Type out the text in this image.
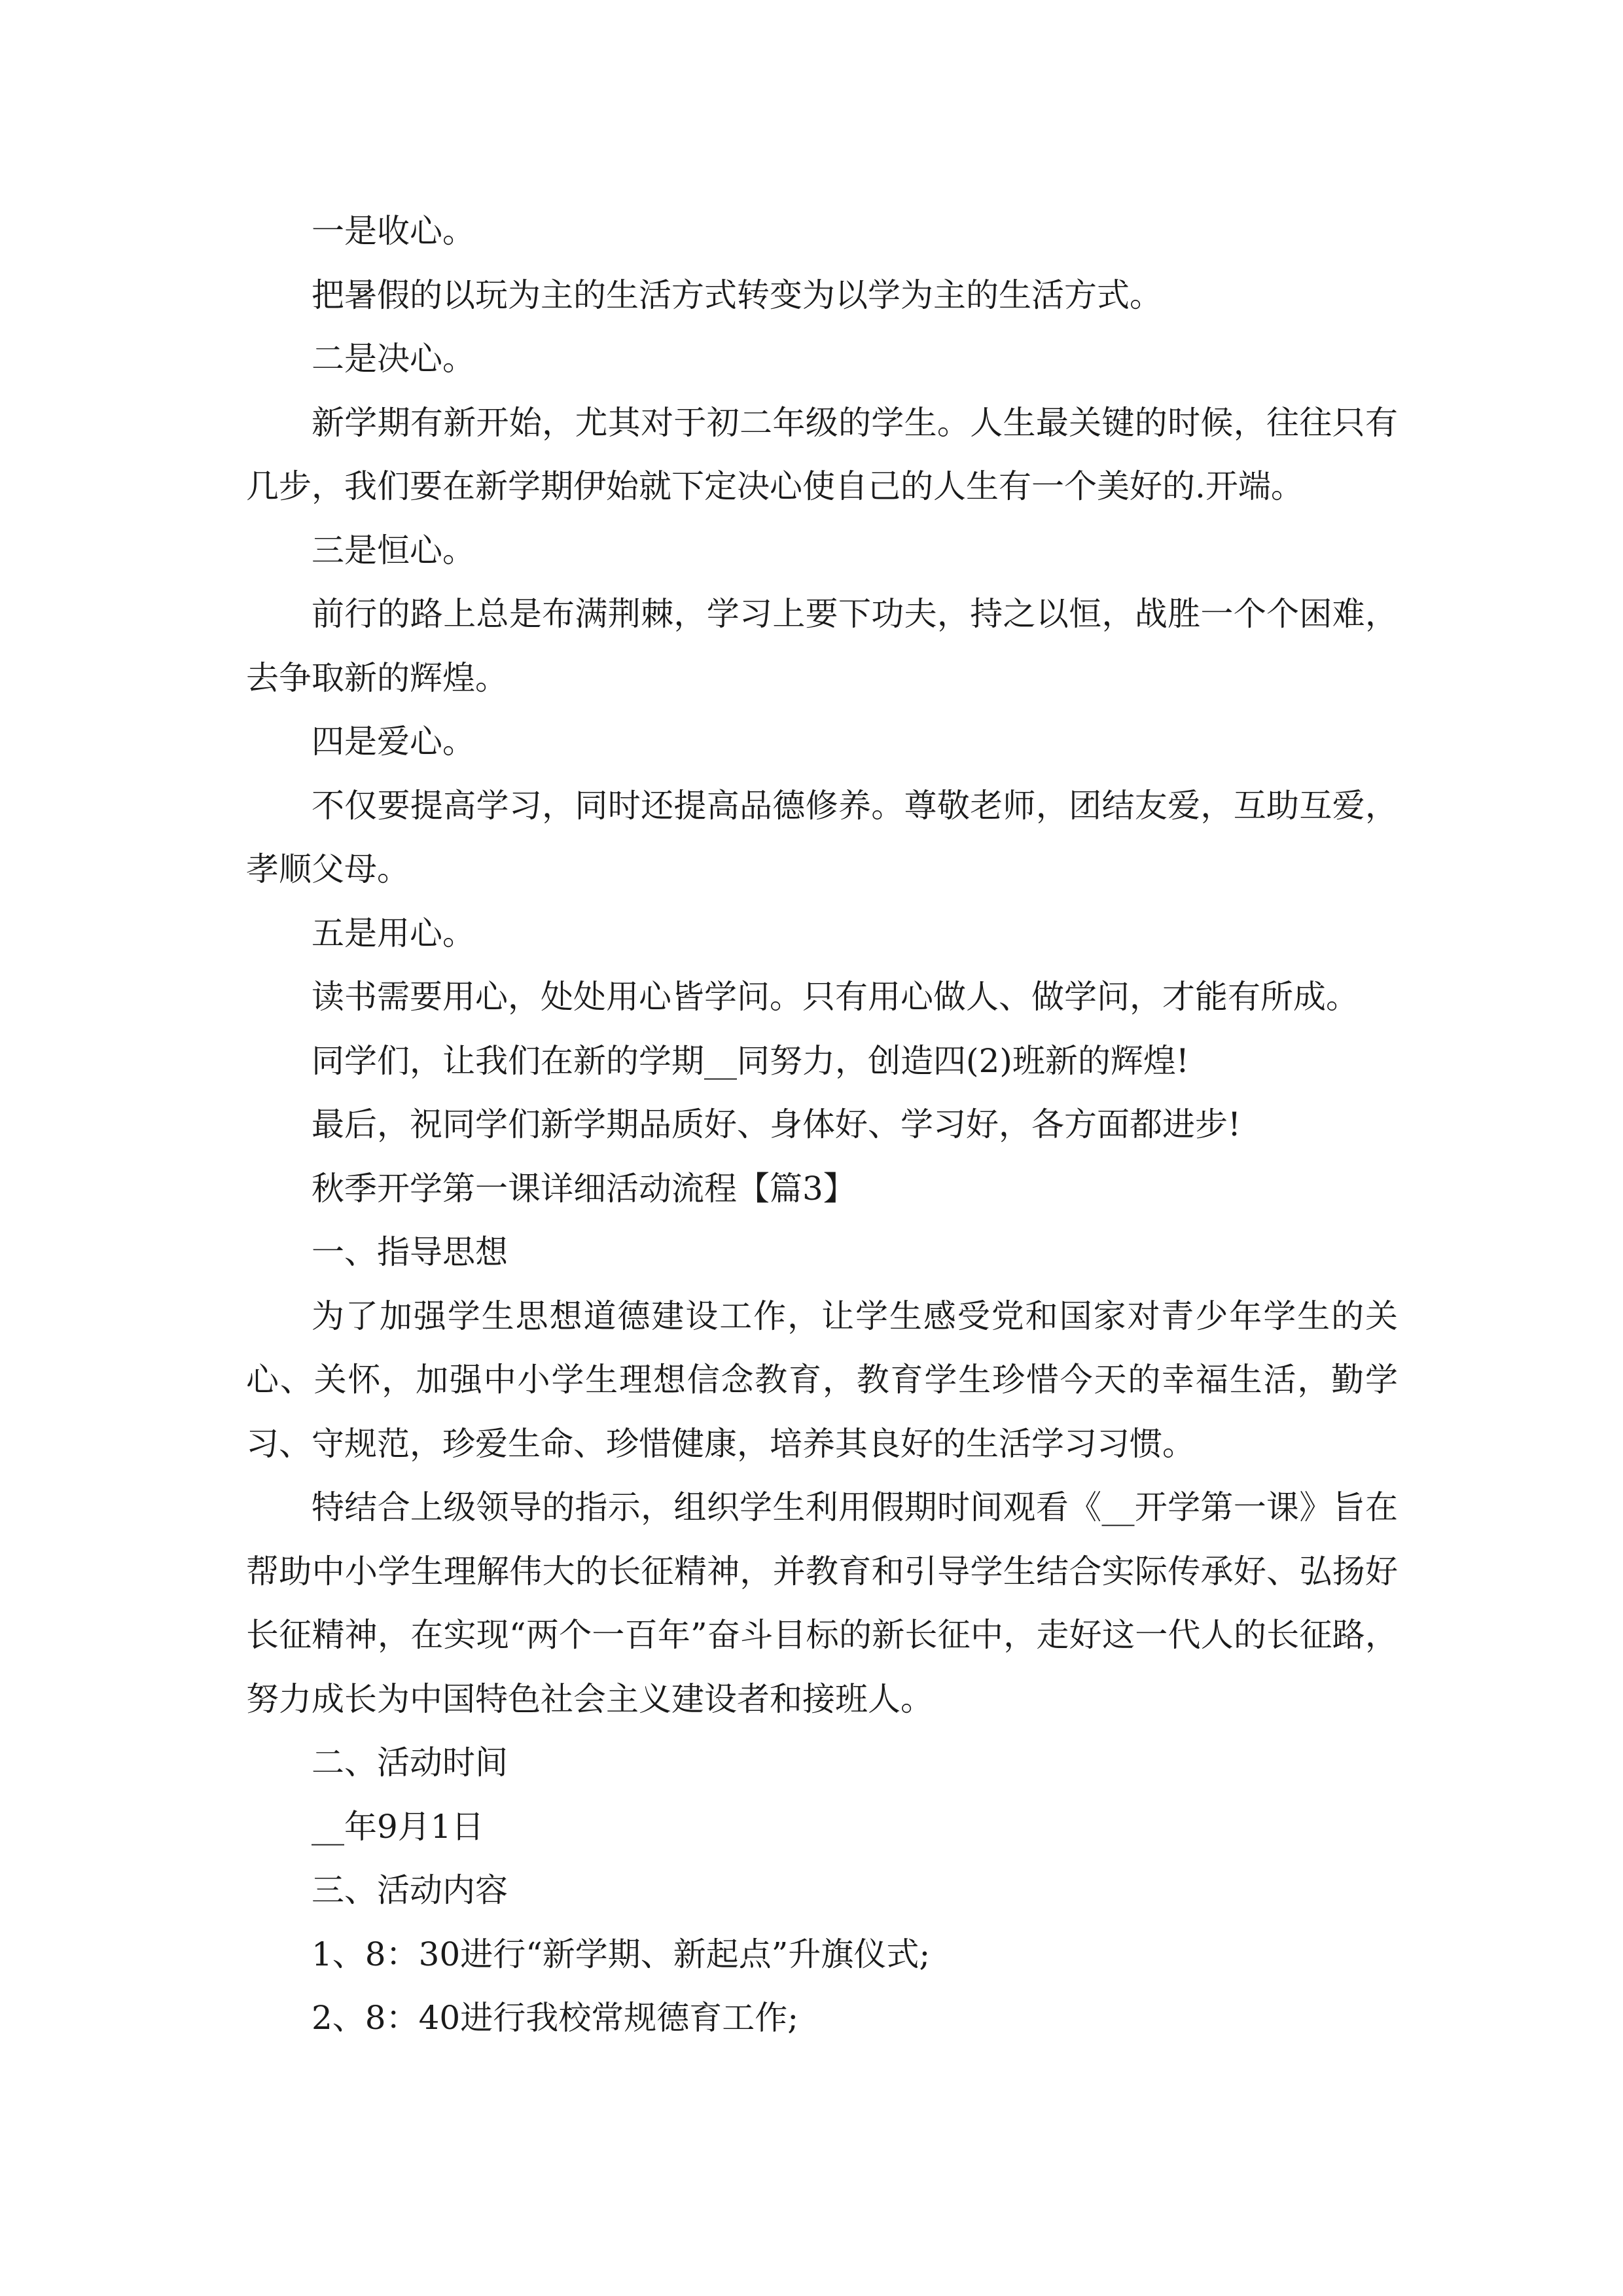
一是收心。

把暑假的以玩为主的生活方式转变为以学为主的生活方式。

二是决心。

新学期有新开始，尤其对于初二年级的学生。人生最关键的时候，往往只有几步，我们要在新学期伊始就下定决心使自己的人生有一个美好的.开端。

三是恒心。

前行的路上总是布满荆棘，学习上要下功夫，持之以恒，战胜一个个困难，去争取新的辉煌。

四是爱心。

不仅要提高学习，同时还提高品德修养。尊敬老师，团结友爱，互助互爱，孝顺父母。

五是用心。

读书需要用心，处处用心皆学问。只有用心做人、做学问，才能有所成。

同学们，让我们在新的学期__同努力，创造四(2)班新的辉煌!

最后，祝同学们新学期品质好、身体好、学习好，各方面都进步!

秋季开学第一课详细活动流程【篇3】

一、指导思想

为了加强学生思想道德建设工作，让学生感受党和国家对青少年学生的关心、关怀，加强中小学生理想信念教育，教育学生珍惜今天的幸福生活，勤学习、守规范，珍爱生命、珍惜健康，培养其良好的生活学习习惯。

特结合上级领导的指示，组织学生利用假期时间观看《__开学第一课》旨在帮助中小学生理解伟大的长征精神，并教育和引导学生结合实际传承好、弘扬好长征精神，在实现“两个一百年”奋斗目标的新长征中，走好这一代人的长征路，努力成长为中国特色社会主义建设者和接班人。

二、活动时间

__年9月1日

三、活动内容

1、8：30进行“新学期、新起点”升旗仪式;

2、8：40进行我校常规德育工作;
